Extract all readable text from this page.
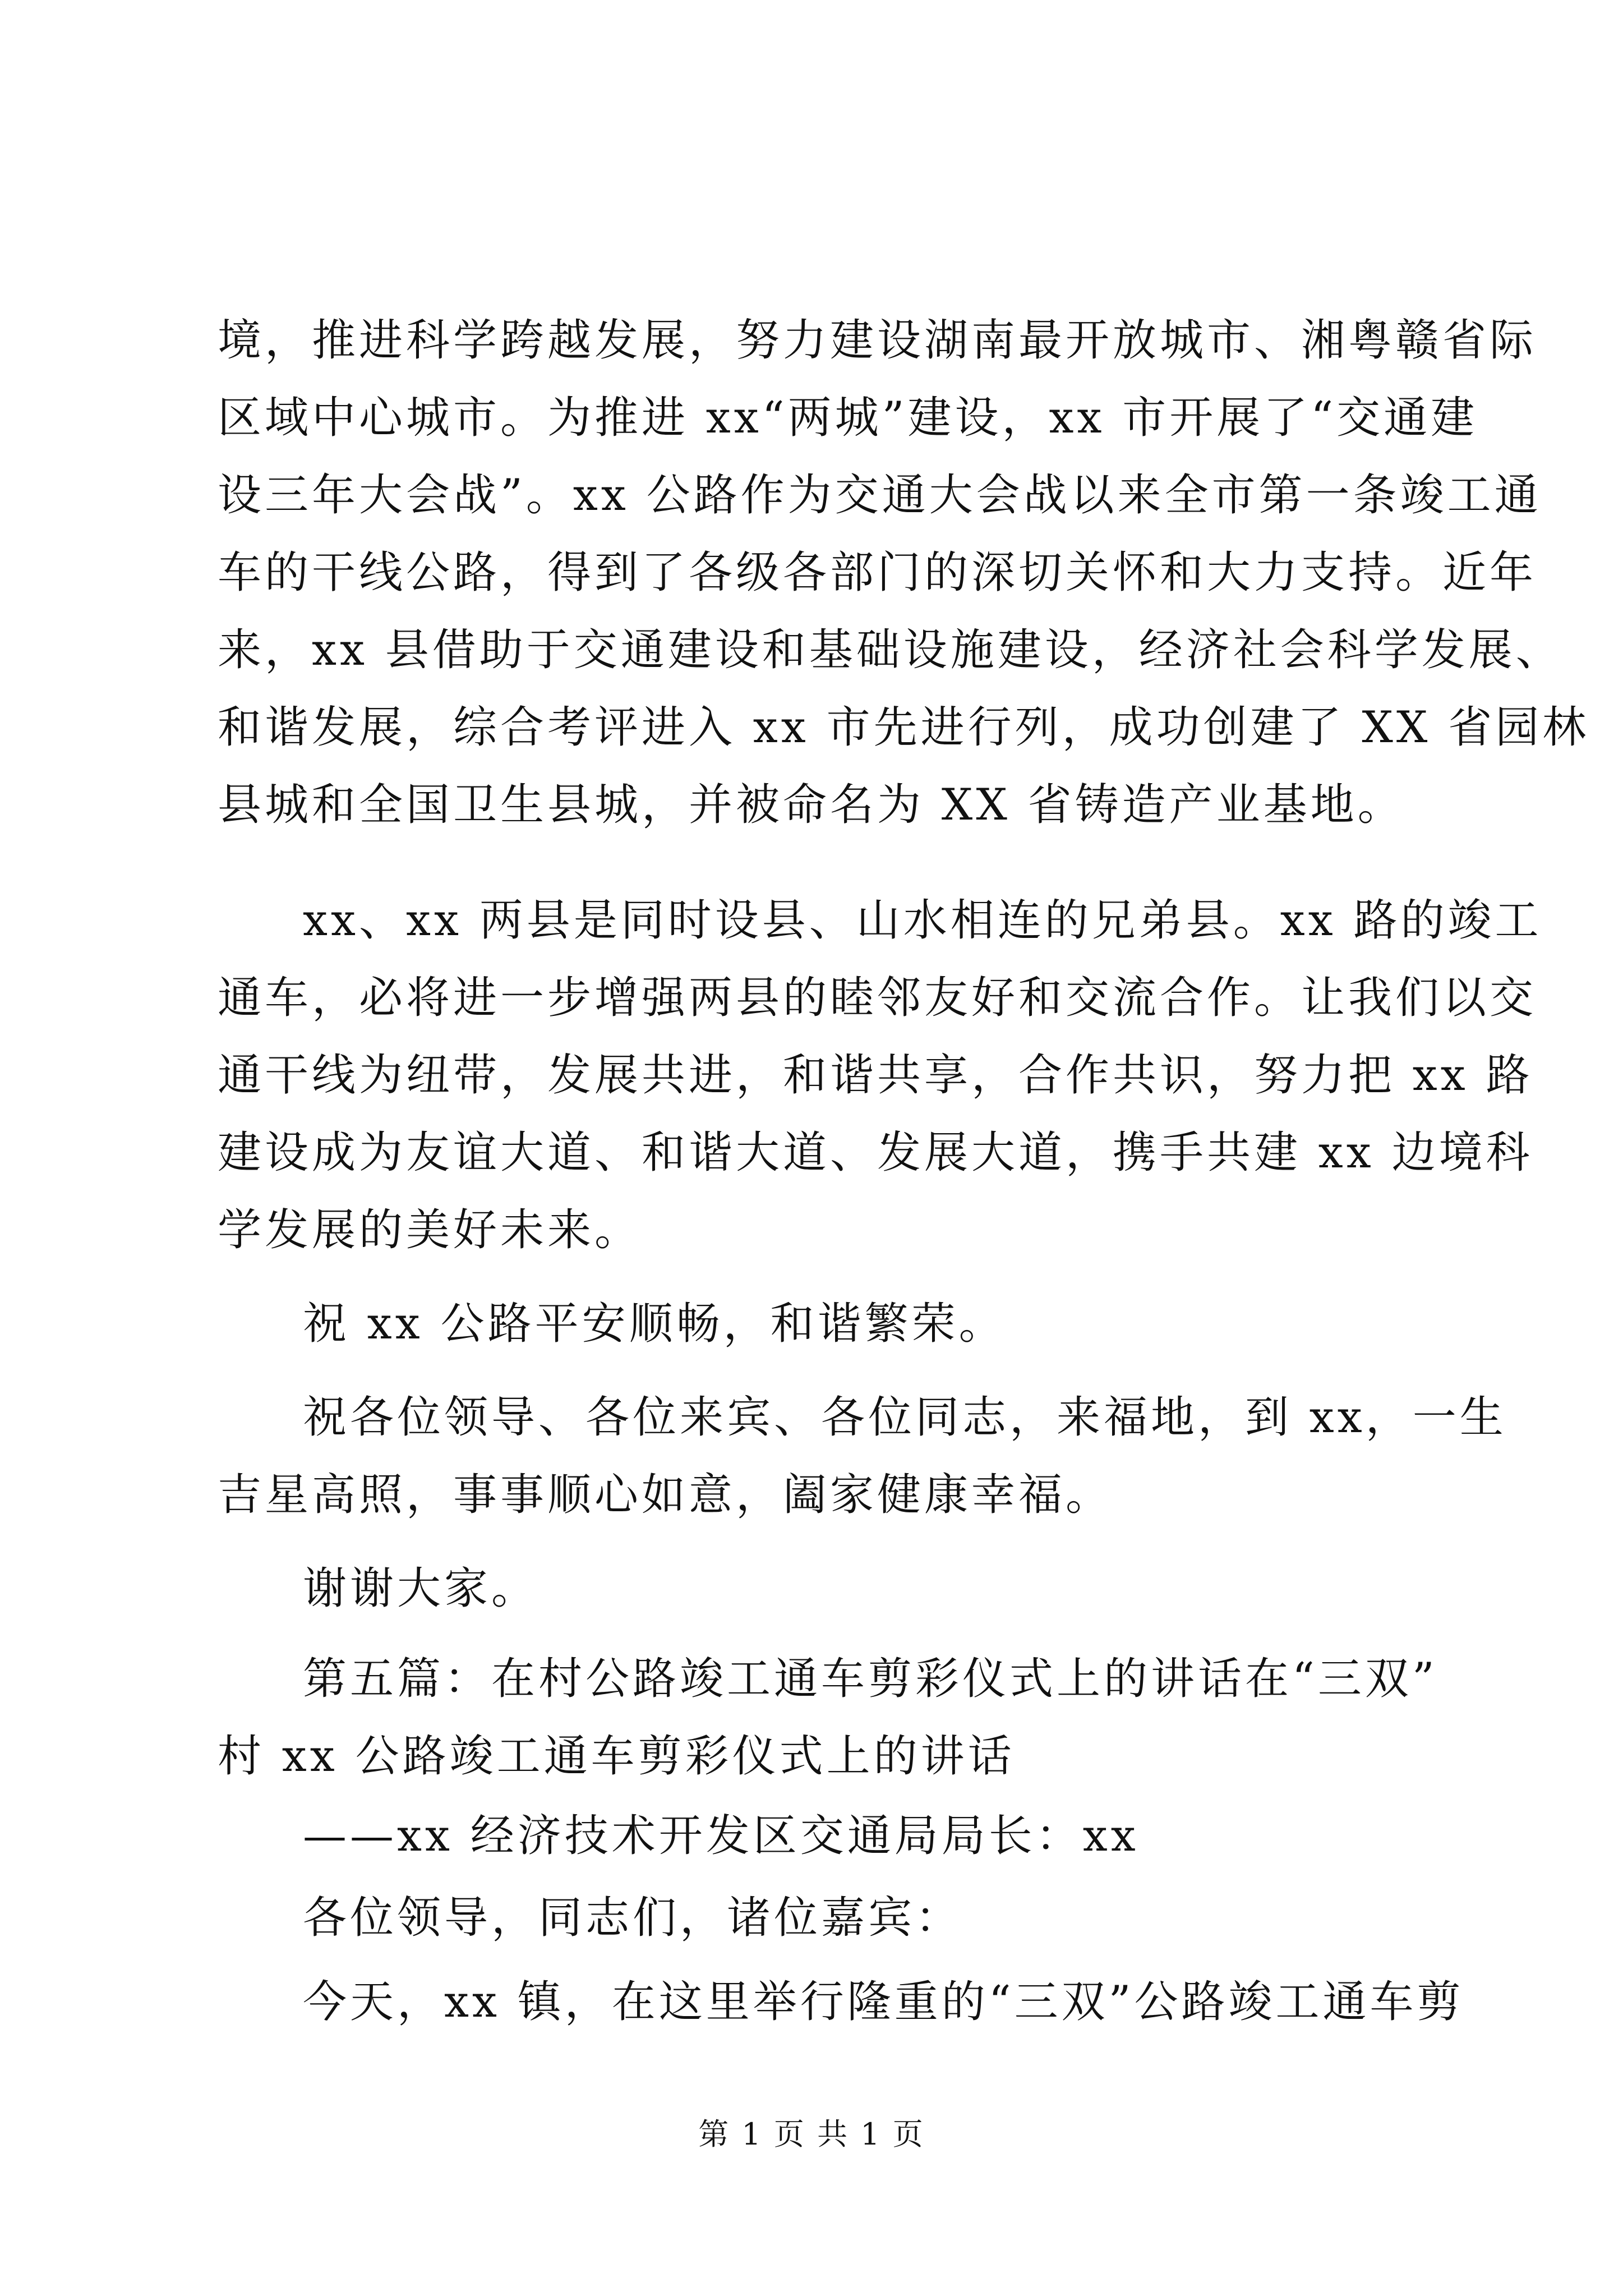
境，推进科学跨越发展，努力建设湖南最开放城市、湘粤赣省际
区域中心城市。为推进 xx“两城”建设，xx 市开展了“交通建
设三年大会战”。xx 公路作为交通大会战以来全市第一条竣工通
车的干线公路，得到了各级各部门的深切关怀和大力支持。近年
来，xx 县借助于交通建设和基础设施建设，经济社会科学发展、
和谐发展，综合考评进入 xx 市先进行列，成功创建了 XX 省园林
县城和全国卫生县城，并被命名为 XX 省铸造产业基地。
xx、xx 两县是同时设县、山水相连的兄弟县。xx 路的竣工
通车，必将进一步增强两县的睦邻友好和交流合作。让我们以交
通干线为纽带，发展共进，和谐共享，合作共识，努力把 xx 路
建设成为友谊大道、和谐大道、发展大道，携手共建 xx 边境科
学发展的美好未来。
祝 xx 公路平安顺畅，和谐繁荣。
祝各位领导、各位来宾、各位同志，来福地，到 xx，一生
吉星高照，事事顺心如意，阖家健康幸福。
谢谢大家。
第五篇：在村公路竣工通车剪彩仪式上的讲话在“三双”
村 xx 公路竣工通车剪彩仪式上的讲话
——xx 经济技术开发区交通局局长：xx
各位领导，同志们，诸位嘉宾：
今天，xx 镇，在这里举行隆重的“三双”公路竣工通车剪
第 1 页 共 1 页
